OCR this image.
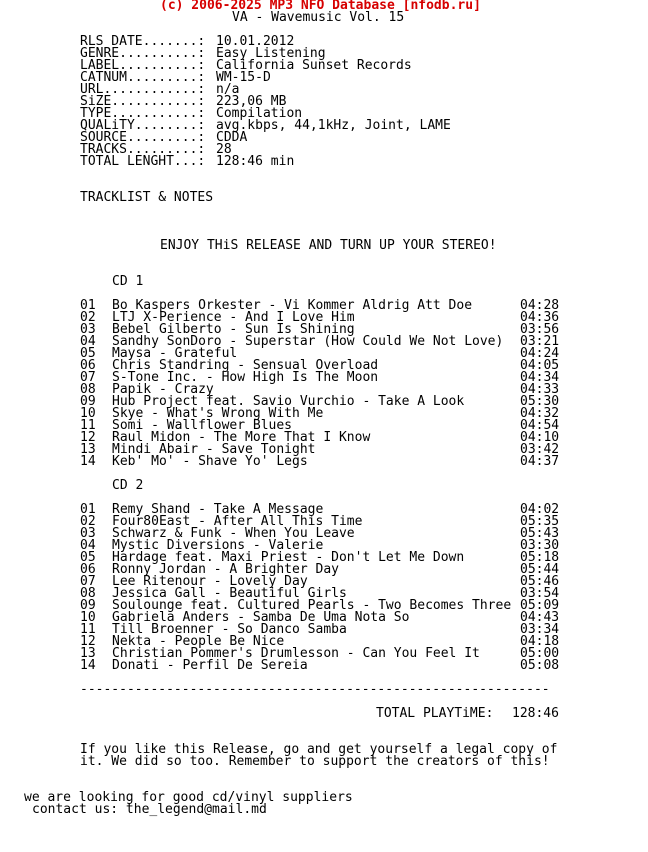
(c) 2006-2025 MP3 NFO Database [nfodb.ru]
VA - Wavemusic Vol. 15
RLS DATE.......: 10.01.2012
GENRE..........: Easy Listening
LABEL..........: California Sunset Records
CATNUM.........: WM-15-D
URL............: n/a
SiZE...........: 223,06 MB
TYPE...........: Compilation
QUALiTY........: avg.kbps, 44,1kHz, Joint, LAME
SOURCE.........: CDDA
TRACKS.........: 28
TOTAL LENGHT...: 128:46 min
TRACKLIST & NOTES
ENJOY THiS RELEASE AND TURN UP YOUR STEREO!
CD 1
01 Bo Kaspers Orkester - Vi Kommer Aldrig Att Doe	04:28
02 LTJ X-Perience - And I Love Him	04:36
03 Bebel Gilberto - Sun Is Shining	03:56
04 Sandhy SonDoro - Superstar (How Could We Not Love) 03:21
05 Maysa - Grateful	04:24
06 Chris Standring - Sensual Overload	04:05
07 S-Tone Inc. - How High Is The Moon	04:34
08 Papik - Crazy	04:33
09 Hub Project feat. Savio Vurchio - Take A Look	05:30
10 Skye - What's Wrong With Me	04:32
11 Somi - Wallflower Blues	04:54
12 Raul Midon - The More That I Know	04:10
13 Mindi Abair - Save Tonight	03:42
14 Keb' Mo' - Shave Yo' Legs	04:37
CD 2
01 Remy Shand - Take A Message	04:02
02 Four80East - After All This Time	05:35
03 Schwarz & Funk - When You Leave	05:43
04 Mystic Diversions - Valerie	03:30
05 Hardage feat. Maxi Priest - Don't Let Me Down	05:18
06 Ronny Jordan - A Brighter Day	05:44
07 Lee Ritenour - Lovely Day	05:46
08 Jessica Gall - Beautiful Girls	03:54
09 Soulounge feat. Cultured Pearls - Two Becomes Three 05:09
10 Gabriela Anders - Samba De Uma Nota So	04:43
11 Till Broenner - So Danco Samba	03:34
12 Nekta - People Be Nice	04:18
13 Christian Pommer's Drumlesson - Can You Feel It	05:00
14 Donati - Perfil De Sereia	05:08
------------------------------------------------------------
TOTAL PLAYTiME: 128:46
If you like this Release, go and get yourself a legal copy of
it. We did so too. Remember to support the creators of this!
we are looking for good cd/vinyl suppliers
contact us: the_legend@mail.md
